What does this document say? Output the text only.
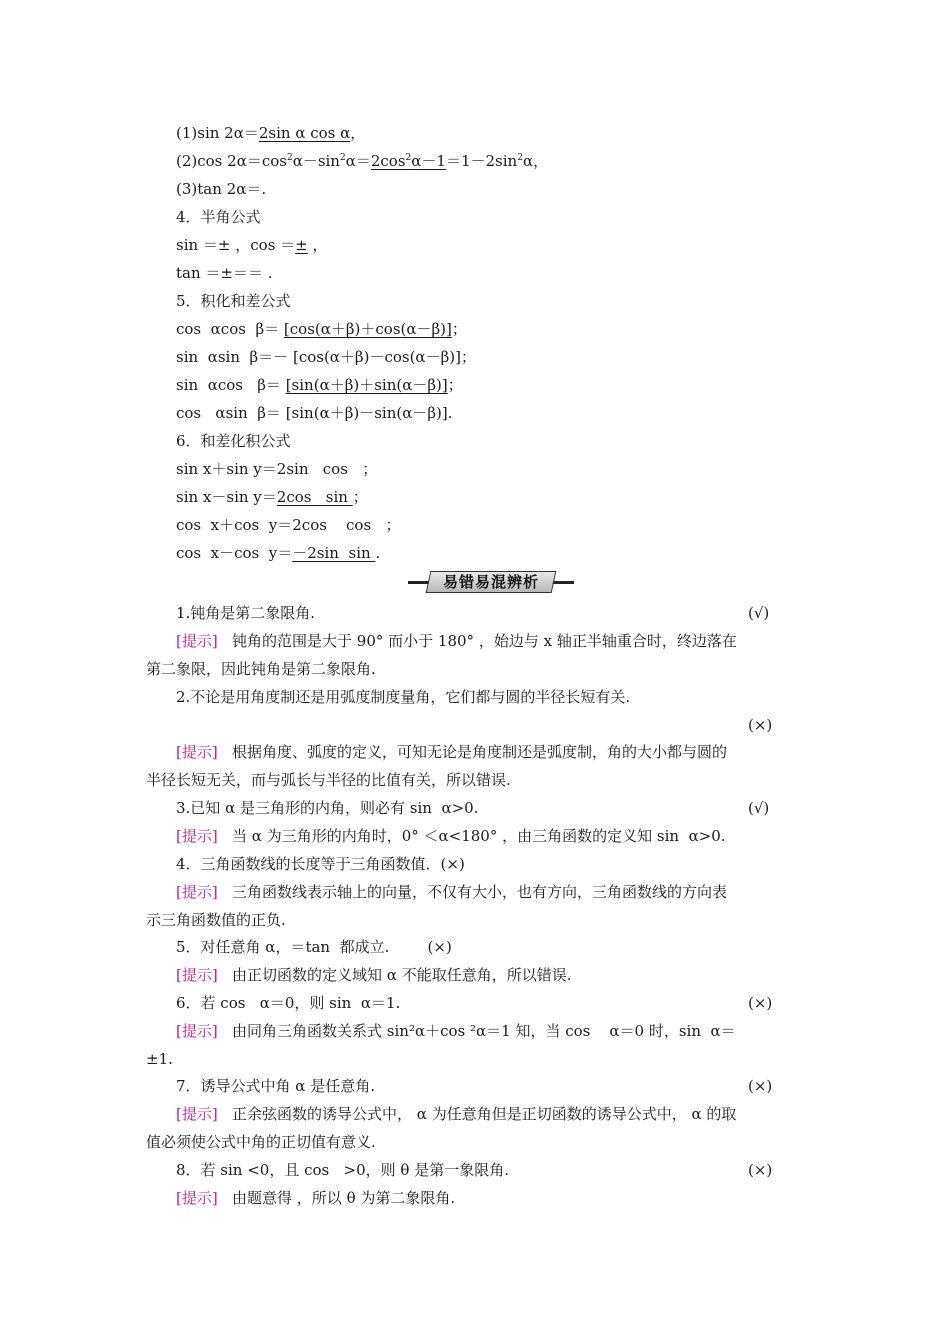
(1)sin 2α＝2sin α cos α，
(2)cos $2\alpha=\cos^2\alpha-\sin^2\alpha=2\cos^2\alpha-1=1-2\sin^2\alpha$，
(3)tan 2α＝.
4．半角公式
sin ＝± ，cos ＝± ，
tan ＝±＝＝ .
5．积化和差公式
cos  αcos  β＝ [cos(α＋β)＋cos(α－β)]；
sin  αsin  β＝－ [cos(α＋β)－cos(α－β)]；
sin  αcos   β＝ [sin(α＋β)＋sin(α－β)]；
cos   αsin  β＝ [sin(α＋β)－sin(α－β)].
6．和差化积公式
sin x＋sin y＝2sin   cos   ；
sin x－sin y＝2cos   sin ；
cos  x＋cos  y＝2cos    cos   ；
cos  x－cos  y＝－2sin  sin .
易错易混辨析
1.钝角是第二象限角.	(√)
[提示] 钝角的范围是大于 90° 而小于 180° ，始边与 x 轴正半轴重合时，终边落在
第二象限，因此钝角是第二象限角.
2.不论是用角度制还是用弧度制度量角，它们都与圆的半径长短有关.
(×)
[提示] 根据角度、弧度的定义，可知无论是角度制还是弧度制，角的大小都与圆的
半径长短无关，而与弧长与半径的比值有关，所以错误.
3.已知 α 是三角形的内角，则必有 sin  α>0.	(√)
[提示] 当 α 为三角形的内角时，0° ＜α<180° ，由三角函数的定义知 sin  α>0.
4．三角函数线的长度等于三角函数值．(×)
[提示] 三角函数线表示轴上的向量，不仅有大小，也有方向，三角函数线的方向表
示三角函数值的正负.
5．对任意角 α，＝tan  都成立.        (×)
[提示] 由正切函数的定义域知 α 不能取任意角，所以错误.
6．若 cos   α＝0，则 sin  α＝1.	(×)
[提示] 由同角三角函数关系式 sin²α＋cos ²α＝1 知，当 cos    α＝0 时，sin  α＝
±1.
7．诱导公式中角 α 是任意角.	(×)
[提示] 正余弦函数的诱导公式中， α 为任意角但是正切函数的诱导公式中， α 的取
值必须使公式中角的正切值有意义.
8．若 sin <0，且 cos   >0，则 θ 是第一象限角.	(×)
[提示] 由题意得 ，所以 θ 为第二象限角.
